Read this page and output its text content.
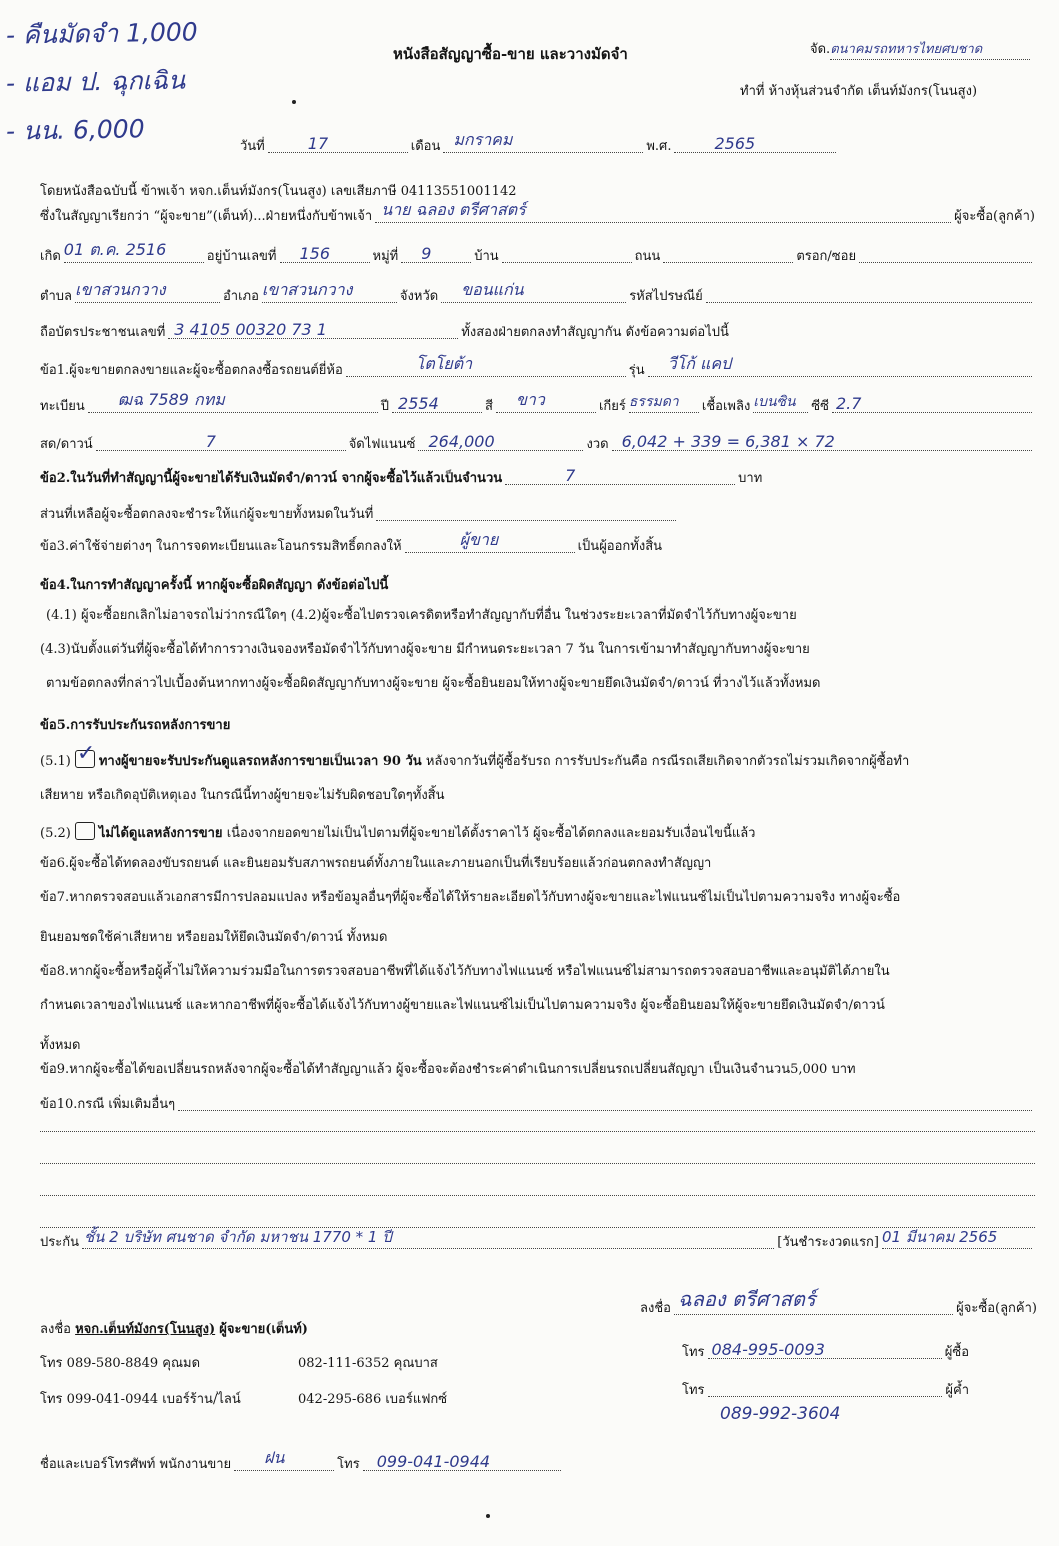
- คืนมัดจำ 1,000
- แอม ป. ฉุกเฉิน
- นน. 6,000
หนังสือสัญญาซื้อ-ขาย และวางมัดจำ	จัด.ตนาคมรถทหารไทยศบชาด
ทำที่ ห้างหุ้นส่วนจำกัด เต็นท์มังกร(โนนสูง)
วันที่	17	เดือน มกราคม	พ.ศ.	2565
โดยหนังสือฉบับนี้ ข้าพเจ้า หจก.เต็นท์มังกร(โนนสูง) เลขเสียภาษี 04113551001142
ซึ่งในสัญญาเรียกว่า “ผู้จะขาย”(เต็นท์)...ฝ่ายหนึ่งกับข้าพเจ้า นาย ฉลอง ตรีศาสตร์	ผู้จะซื้อ(ลูกค้า)
เกิด 01 ต.ค. 2516	อยู่บ้านเลขที่ 156	หมู่ที่ 9	บ้าน	ถนน	ตรอก/ซอย
ตำบล เขาสวนกวาง	อำเภอ เขาสวนกวาง	จังหวัด ขอนแก่น	รหัสไปรษณีย์
ถือบัตรประชาชนเลขที่ 3 4105 00320 73 1	ทั้งสองฝ่ายตกลงทำสัญญากัน ดังข้อความต่อไปนี้
ข้อ1.ผู้จะขายตกลงขายและผู้จะซื้อตกลงซื้อรถยนต์ยี่ห้อ	โตโยต้า	รุ่น วีโก้ แคป
ทะเบียน ฒฉ 7589 กทม	ปี 2554	สี ขาว	เกียร์ ธรรมดา เชื้อเพลิง เบนซิน ซีซี 2.7
สด/ดาวน์	7	จัดไฟแนนซ์ 264,000	งวด 6,042 + 339 = 6,381 × 72
ข้อ2.ในวันที่ทำสัญญานี้ผู้จะขายได้รับเงินมัดจำ/ดาวน์ จากผู้จะซื้อไว้แล้วเป็นจำนวน	7	บาท
ส่วนที่เหลือผู้จะซื้อตกลงจะชำระให้แก่ผู้จะขายทั้งหมดในวันที่
ข้อ3.ค่าใช้จ่ายต่างๆ ในการจดทะเบียนและโอนกรรมสิทธิ์ตกลงให้	ผู้ขาย	เป็นผู้ออกทั้งสิ้น
ข้อ4.ในการทำสัญญาครั้งนี้ หากผู้จะซื้อผิดสัญญา ดังข้อต่อไปนี้
(4.1) ผู้จะซื้อยกเลิกไม่อาจรถไม่ว่ากรณีใดๆ (4.2)ผู้จะซื้อไปตรวจเครดิตหรือทำสัญญากับที่อื่น ในช่วงระยะเวลาที่มัดจำไว้กับทางผู้จะขาย
(4.3)นับตั้งแต่วันที่ผู้จะซื้อได้ทำการวางเงินจองหรือมัดจำไว้กับทางผู้จะขาย มีกำหนดระยะเวลา 7 วัน ในการเข้ามาทำสัญญากับทางผู้จะขาย
ตามข้อตกลงที่กล่าวไปเบื้องต้นหากทางผู้จะซื้อผิดสัญญากับทางผู้จะขาย ผู้จะซื้อยินยอมให้ทางผู้จะขายยึดเงินมัดจำ/ดาวน์ ที่วางไว้แล้วทั้งหมด
ข้อ5.การรับประกันรถหลังการขาย
(5.1) ✓ ทางผู้ขายจะรับประกันดูแลรถหลังการขายเป็นเวลา 90 วัน หลังจากวันที่ผู้ซื้อรับรถ การรับประกันคือ กรณีรถเสียเกิดจากตัวรถไม่รวมเกิดจากผู้ซื้อทำ
เสียหาย หรือเกิดอุบัติเหตุเอง ในกรณีนี้ทางผู้ขายจะไม่รับผิดชอบใดๆทั้งสิ้น
(5.2) ไม่ได้ดูแลหลังการขาย เนื่องจากยอดขายไม่เป็นไปตามที่ผู้จะขายได้ตั้งราคาไว้ ผู้จะซื้อได้ตกลงและยอมรับเงื่อนไขนี้แล้ว
ข้อ6.ผู้จะซื้อได้ทดลองขับรถยนต์ และยินยอมรับสภาพรถยนต์ทั้งภายในและภายนอกเป็นที่เรียบร้อยแล้วก่อนตกลงทำสัญญา
ข้อ7.หากตรวจสอบแล้วเอกสารมีการปลอมแปลง หรือข้อมูลอื่นๆที่ผู้จะซื้อได้ให้รายละเอียดไว้กับทางผู้จะขายและไฟแนนซ์ไม่เป็นไปตามความจริง ทางผู้จะซื้อ
ยินยอมชดใช้ค่าเสียหาย หรือยอมให้ยึดเงินมัดจำ/ดาวน์ ทั้งหมด
ข้อ8.หากผู้จะซื้อหรือผู้ค้ำไม่ให้ความร่วมมือในการตรวจสอบอาชีพที่ได้แจ้งไว้กับทางไฟแนนซ์ หรือไฟแนนซ์ไม่สามารถตรวจสอบอาชีพและอนุมัติได้ภายใน
กำหนดเวลาของไฟแนนซ์ และหากอาชีพที่ผู้จะซื้อได้แจ้งไว้กับทางผู้ขายและไฟแนนซ์ไม่เป็นไปตามความจริง ผู้จะซื้อยินยอมให้ผู้จะขายยึดเงินมัดจำ/ดาวน์
ทั้งหมด
ข้อ9.หากผู้จะซื้อได้ขอเปลี่ยนรถหลังจากผู้จะซื้อได้ทำสัญญาแล้ว ผู้จะซื้อจะต้องชำระค่าดำเนินการเปลี่ยนรถเปลี่ยนสัญญา เป็นเงินจำนวน5,000 บาท
ข้อ10.กรณี เพิ่มเติมอื่นๆ
ประกัน ชั้น 2 บริษัท ศนชาด จำกัด มหาชน 1770 * 1 ปี	[วันชำระงวดแรก] 01 มีนาคม 2565
ลงชื่อ หจก.เต็นท์มังกร(โนนสูง) ผู้จะขาย(เต็นท์)
โทร 089-580-8849 คุณมด	082-111-6352 คุณบาส
โทร 099-041-0944 เบอร์ร้าน/ไลน์	042-295-686 เบอร์แฟกซ์
ลงชื่อ ฉลอง ตรีศาสตร์	ผู้จะซื้อ(ลูกค้า)
โทร 084-995-0093	ผู้ซื้อ
โทร	ผู้ค้ำ
089-992-3604
ชื่อและเบอร์โทรศัพท์ พนักงานขาย ฝน	โทร 099-041-0944
